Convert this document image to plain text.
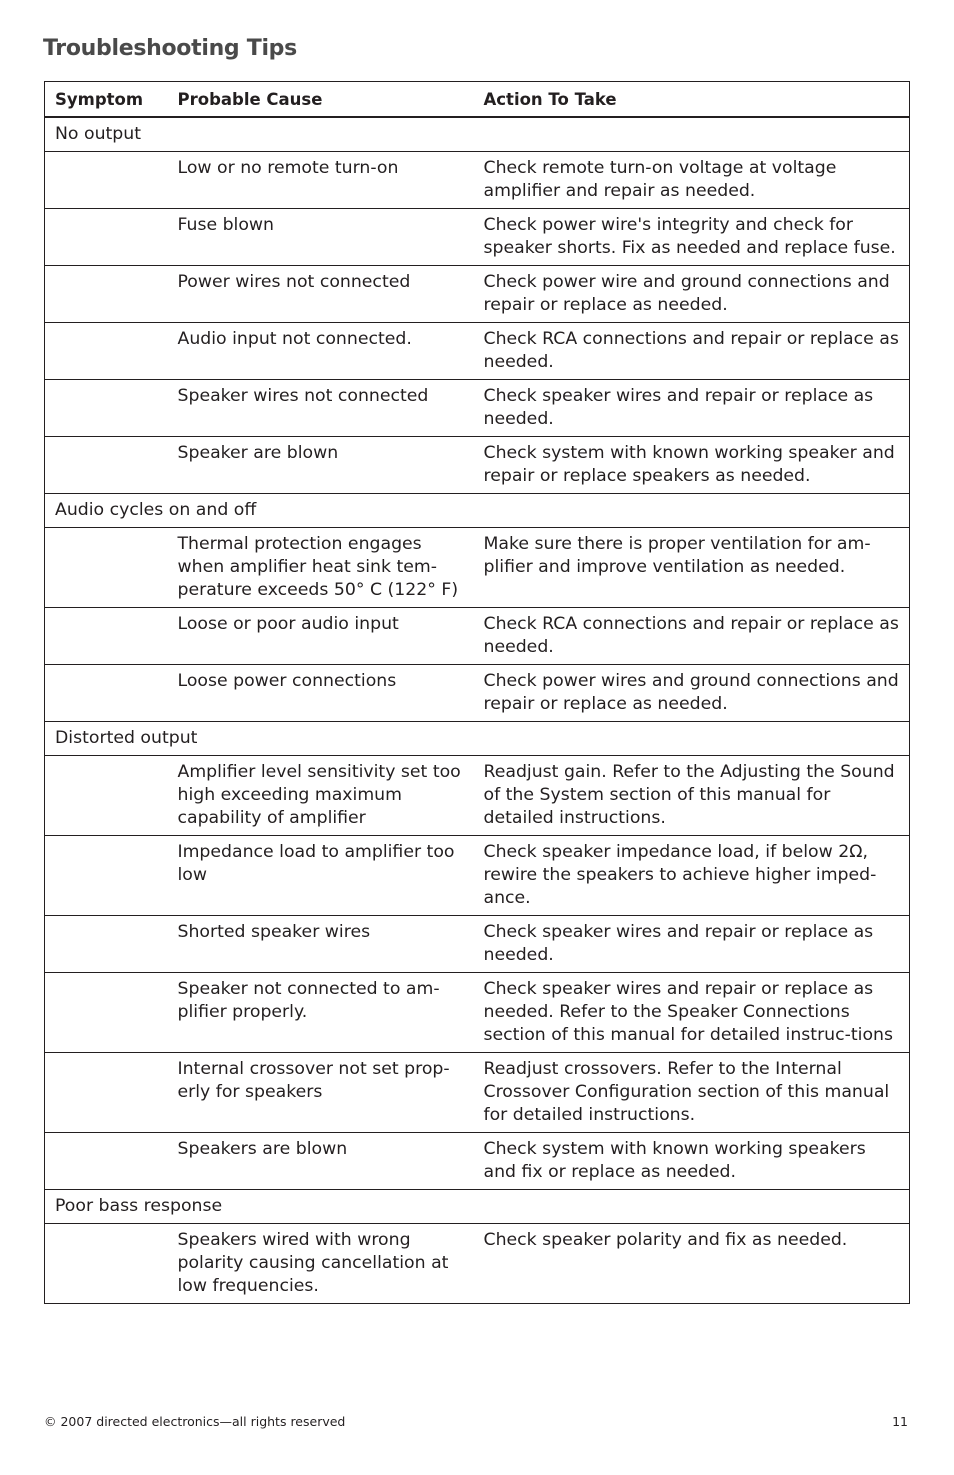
Troubleshooting Tips
Symptom	Probable Cause	Action To Take
No output		
	Low or no remote turn-on	Check remote turn-on voltage at voltage amplifier and repair as needed.
	Fuse blown	Check power wire's integrity and check for speaker shorts. Fix as needed and replace fuse.
	Power wires not connected	Check power wire and ground connections and repair or replace as needed.
	Audio input not connected.	Check RCA connections and repair or replace as needed.
	Speaker wires not connected	Check speaker wires and repair or replace as needed.
	Speaker are blown	Check system with known working speaker and repair or replace speakers as needed.
Audio cycles on and off		
	Thermal protection engages when amplifier heat sink tem-perature exceeds 50° C (122° F)	Make sure there is proper ventilation for am-plifier and improve ventilation as needed.
	Loose or poor audio input	Check RCA connections and repair or replace as needed.
	Loose power connections	Check power wires and ground connections and repair or replace as needed.
Distorted output		
	Amplifier level sensitivity set too high exceeding maximum capability of amplifier	Readjust gain. Refer to the Adjusting the Sound of the System section of this manual for detailed instructions.
	Impedance load to amplifier too low	Check speaker impedance load, if below 2Ω, rewire the speakers to achieve higher imped-ance.
	Shorted speaker wires	Check speaker wires and repair or replace as needed.
	Speaker not connected to am-plifier properly.	Check speaker wires and repair or replace as needed. Refer to the Speaker Connections section of this manual for detailed instruc-tions
	Internal crossover not set prop-erly for speakers	Readjust crossovers. Refer to the Internal Crossover Configuration section of this manual for detailed instructions.
	Speakers are blown	Check system with known working speakers and fix or replace as needed.
Poor bass response		
	Speakers wired with wrong polarity causing cancellation at low frequencies.	Check speaker polarity and fix as needed.
© 2007 directed electronics—all rights reserved	11
